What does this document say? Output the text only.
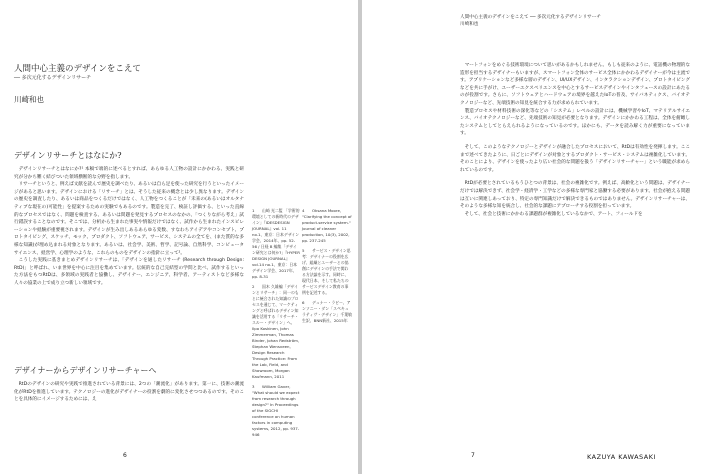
人間中心主義のデザインをこえて
── 多次元化するデザインリサーチ
川崎和也
デザインリサーチとはなにか?

デザインリサーチとはなにか?¹ 本稿で端的に述べるとすれば、あらゆる人工物の設計にかかわる、実践と研究が分かち難く結びついた領域横断的な分野を指します。

リサーチというと、例えば文献を読んで歴史を調べたり、あるいは自ら足を使った研究を行うといったイメージがあると思います。デザインにおける「リサーチ」とは、そうした従来の概念とは少し異なります。デザインの歴史を調査したり、あるいは商品をつくるだけではなく、人工物をつくることが「未来の(あるいはオルタナティブな現在の)可能性」を提案するための実験でもあるのです。製造を完了、検証し評価する、といった直線的なプロセスではなく、問題を検査する、あるいは問題を発見するプロセスのなかの、「つくりながら考え」試行錯誤することなのです。そこでは、分析から生まれた事実や情報だけではなく、試作から生まれたインスピレーションや経験が重要視されます。デザインが生み出しあるあらゆる変数、すなわちアイデアやコンセプト、プロトタイピング、スケッチ、モック、プロダクト、ソフトウェア、サービス、システムの全てを、(また質的な多様な知識)が埋め込まれる対象となります。あるいは、社会学、美術、哲学、記号論、自然科学、コンピュータサイエンス、経営学、心理学のような、これらのものをデザインの指針に立って²。

こうした実践に基きまとめデザインリサーチは、「デザインを通したリサーチ (Research through Design: RtD)」と呼ばれ、いま世界を中心に注目を集めています。伝統的な自己完結型の学問と比べ、試作するといった方法をもつRtDは、多領域の実践者と協働し、デザイナー、エンジニア、科学者、アーティストなど多様な人々の協業の上で成り立つ新しい領域です。

デザイナーからデザインリサーチャーへ

RtDのデザインの研究や実践で推進されている背景には、2つの「潮流化」があります。第一に、技術の潮流化がRtDを推進しています。テクノロジーの進化がデザイナーの役割を劇的に変化させつつあるのです。そのことを具体的にイメージするためには、え

1 山崎 光二監 「学術的環境としての新時代のデザイン」『IDESDESIGN JOURNAL』vol. 11 no.1、東京：日本デザイン学会、2014年、pp. 52-56 / 日経 B 編集「デザイン研究とは何か?」『HYPER DESIGN JOURNAL』vol.14 no.1、東京：日本デザイン学会、2017年、pp. 8-31
2 国木 久雄編「デザインとリサーチ」：同一のもとに統合された知識のプロセスを通じて、マーケティングと呼ばれるデザイン知識を活用する「リサーチ・スルー・デザイン」へ。Ilpo Koskinen, John Zimmerman, Thomas Binder, Johan Redström, Stephan Wensveen, Design Research Through Practice: From the Lab, Field, and Showroom, Morgan Kaufmann, 2011
3 William Gaver, "What should we expect from research through design?" In Proceedings of the SIGCHI conference on human factors in computing systems, 2012, pp. 937-946
4 Oksana Moore, "Clarifying the concept of product-service system." Journal of cleaner production, 10(3), 2002, pp. 237-245
5 サービス・デザイン思考：デザイナーの役割を広げ、組織とユーザーとの協創にデザインの手法で関わる方法論を示す。同時に、現代日本、そして私たちのサービスデザイン教育の事例を記述する。
6 デュナー・ラビー、アンソニー・ダン「スペキュラティヴ・デザイン」千葉敏生訳、BNN新社、2015年
6
人間中心主義のデザインをこえて ── 多次元化するデザインリサーチ
川崎和也

マートフォンをめぐる技術環境について思いがあるかもしれません。もしも従来のように、電話機の物理的な造形を担当するデザイナーもいますが、スマートフォン全体のサービス全体にかかわるデザイナーが今は主流です。アプリケーションなど多様な層のデザイン、UI/UXデザイン、インタラクションデザイン、プロトタイピングなどを共に手がけ、ユーザーエクスペリエンスを中心とするサービスデザインやインタフェースの設計にあたるのが役割です。さらに、ソフトウェアとハードウェアの境界を越えたIoTの普及、サイバネティクス、バイオテクノロジーなど、先端技術の知見を統合する力が求められています。

製造プロセスや材料技術の深化等などの「システム」レベルの設計には、機械学習やIoT、マテリアルサイエンス、バイオテクノロジーなど、先端技術の知見が必要となります。デザインにかかわる工程は、全体を俯瞰したシステムとしてとらえられるようになっているのです。ほかにも、データを読み解く力が重要になっています。

そして、このようなテクノロジーとデザインが融合したプロセスにおいて、RtDは有効性を発揮します。ここまで述べてきたように、日ごとにデザインが対象とするプロダクト・サービス・システムは複雑化しています。そのことにより、デザインを使ったより広い社会的な問題を扱う「デザインリサーチャー」という職能が求められているのです。

RtDが必要とされているもうひとつの背景は、社会の複雑化です。例えば、高齢化という問題は、デザイナーだけでは解決できず、社会学・経済学・工学などの多様な専門家と協働する必要があります。社会が抱える問題は互いに関連しあっており、特定の専門知識だけで解決できるものではありません。デザインリサーチャーは、そのような多様な知を統合し、社会的な課題にアプローチする役割を担っています。

そして、社会と技術にかかわる課題群が複雑化しているなかで、アート、フィールドを

7	KAZUYA KAWASAKI
